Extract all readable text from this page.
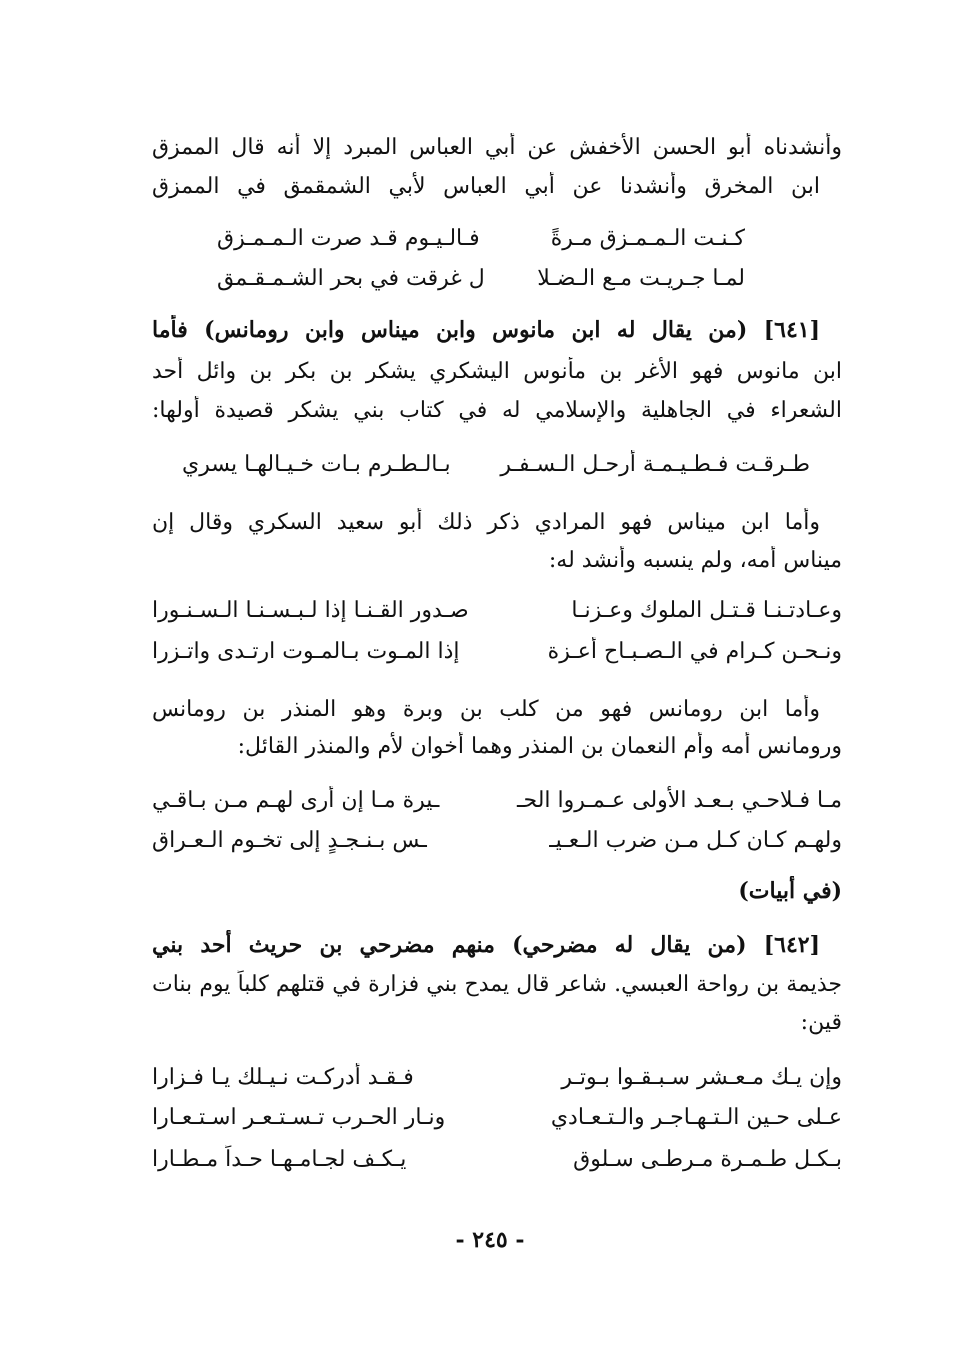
وأنشدناه أبو الحسن الأخفش عن أبي العباس المبرد إلا أنه قال الممزق
ابن المخرق وأنشدنا عن أبي العباس لأبي الشمقمق في الممزق
كـنـت الـمـمـزق مـرةً
فـالـيـوم قـد صرت الـمـمـزق
لمـا جـريـت مـع الـضـلا
ل غرقت في بحر الشـمـقـمق
[٦٤١] (من يقال له ابن مانوس وابن ميناس وابن رومانس) فأما
ابن مانوس فهو الأغر بن مأنوس اليشكري يشكر بن بكر بن وائل أحد
الشعراء في الجاهلية والإسلامي له في كتاب بني يشكر قصيدة أولها:
طـرقـت فـطـيـمـة أرحـل الـسـفـر
بـالـطـرم بـات خـيـالهـا يسري
وأما ابن ميناس فهو المرادي ذكر ذلك أبو سعيد السكري وقال إن
ميناس أمه، ولم ينسبه وأنشد له:
وعـادتـنـا قـتـل الملوك وعـزنـا
صـدور القـنـا إذا لـبـسـنـا الـسـنـورا
ونـحـن كـرام في الـصـبـاح أعـزة
إذا المـوت بـالمـوت ارتـدى واتـزرا
وأما ابن رومانس فهو من كلب بن وبرة وهو المنذر بن رومانس
ورومانس أمه وأم النعمان بن المنذر وهما أخوان لأم والمنذر القائل:
مـا فـلاحـي بـعـد الأولى عـمـروا الحـ
ـيرة مـا إن أرى لهـم مـن بـاقـي
ولهـم كـان كـل مـن ضرب الـعـيـ
ـس بـنـجـدٍ إلى تخـوم الـعـراق
(في أبيات)
[٦٤٢] (من يقال له مضرحي) منهم مضرحي بن حريث أحد بني
جذيمة بن رواحة العبسي. شاعر قال يمدح بني فزارة في قتلهم كلباً يوم بنات
قين:
وإن يـك مـعـشر سـبـقـوا بـوتـر
فـقـد أدركـت نـيـلك يـا فـزارا
عـلى حـين الـتـهـاجـر والـتـعـادي
ونـار الحـرب تـسـتـعـر اسـتـعـارا
بـكـل طـمـرة مـرطـى سـلوق
يـكـف لجـامـهـا حـداً مـطـارا
- ٢٤٥ -
